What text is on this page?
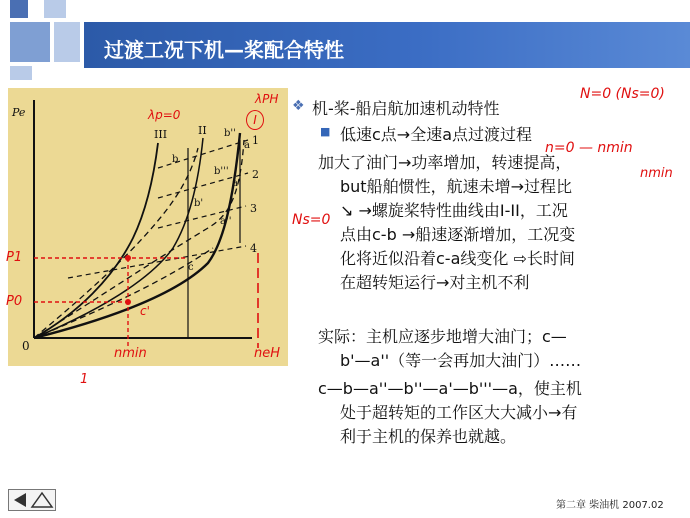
过渡工况下机—桨配合特性
Pe
0
III	II
b
b'
b''
b'''
a
a'
a''
c
1
2
3
4
λp=0
λPH
I
N=0 (Ns=0)
n=0 — nmin
nmin
Ns=0
P1
P0
c'
nmin	neH
1
❖ 机-桨-船启航加速机动特性
■ 低速c点→全速a点过渡过程
加大了油门→功率增加，转速提高，
but船舶惯性，航速未增→过程比
↘ →螺旋桨特性曲线由I-II，工况
点由c-b →船速逐渐增加，工况变
化将近似沿着c-a线变化 ⇨长时间
在超转矩运行→对主机不利
实际：主机应逐步地增大油门；c—
b'—a''（等一会再加大油门）……
c—b—a''—b''—a'—b'''—a，使主机
处于超转矩的工作区大大减小→有
利于主机的保养也就越。
第二章 柴油机 2007.02
